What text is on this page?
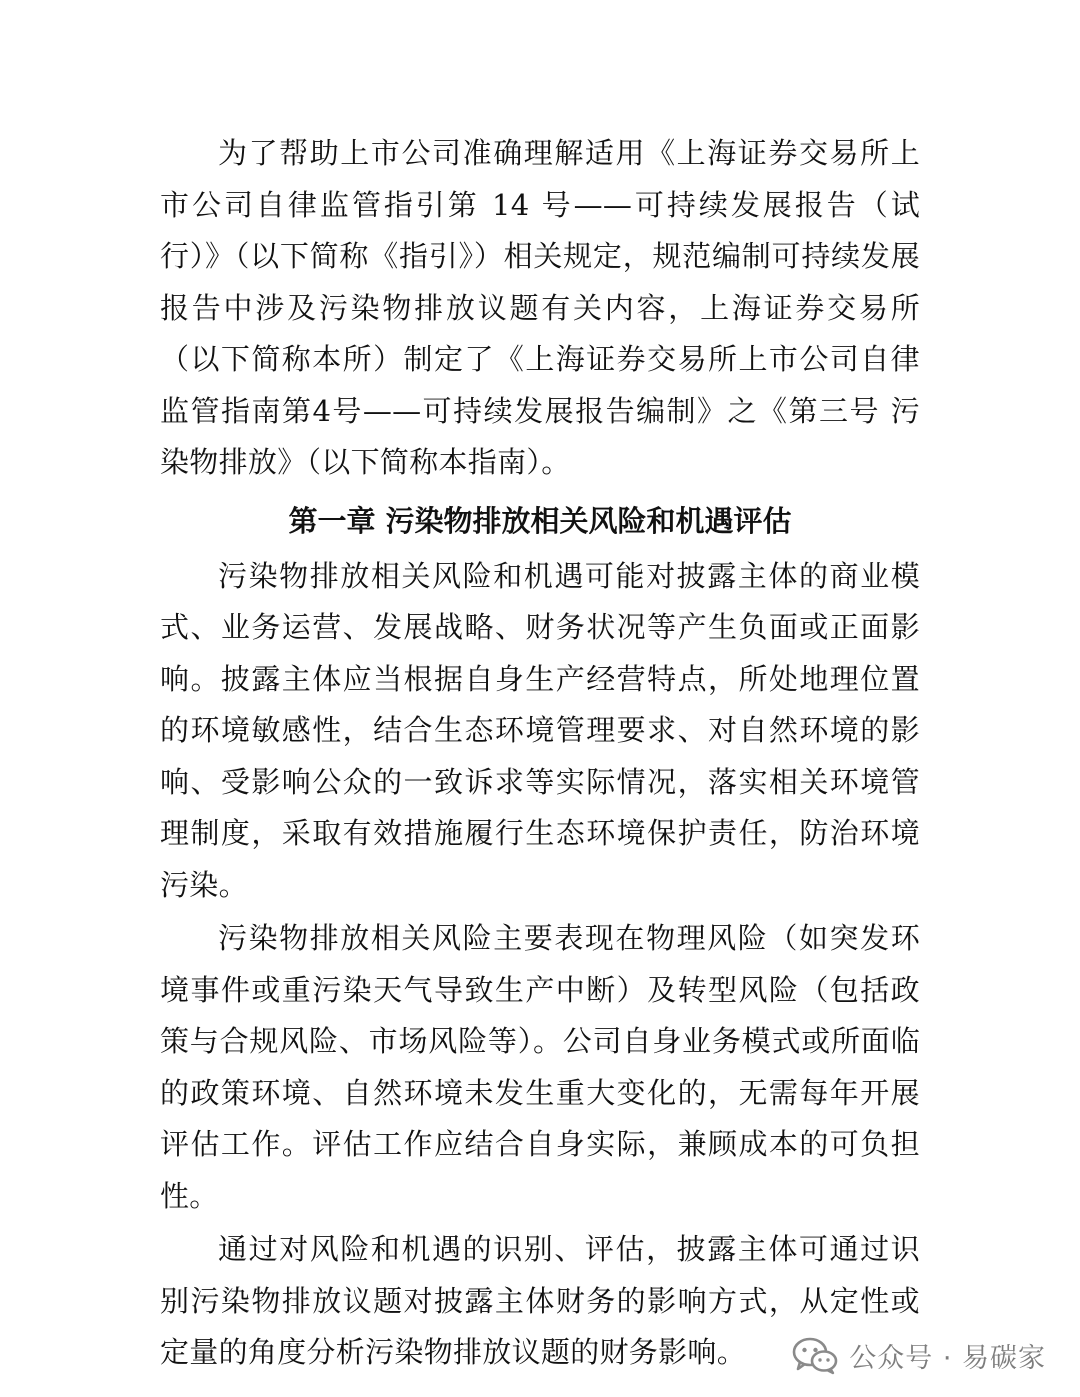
为了帮助上市公司准确理解适用《上海证券交易所上市公司自律监管指引第 14 号——可持续发展报告（试行）》（以下简称《指引》）相关规定，规范编制可持续发展报告中涉及污染物排放议题有关内容，上海证券交易所（以下简称本所）制定了《上海证券交易所上市公司自律监管指南第4号——可持续发展报告编制》之《第三号 污染物排放》（以下简称本指南）。

第一章 污染物排放相关风险和机遇评估

污染物排放相关风险和机遇可能对披露主体的商业模式、业务运营、发展战略、财务状况等产生负面或正面影响。披露主体应当根据自身生产经营特点，所处地理位置的环境敏感性，结合生态环境管理要求、对自然环境的影响、受影响公众的一致诉求等实际情况，落实相关环境管理制度，采取有效措施履行生态环境保护责任，防治环境污染。

污染物排放相关风险主要表现在物理风险（如突发环境事件或重污染天气导致生产中断）及转型风险（包括政策与合规风险、市场风险等）。公司自身业务模式或所面临的政策环境、自然环境未发生重大变化的，无需每年开展评估工作。评估工作应结合自身实际，兼顾成本的可负担性。

通过对风险和机遇的识别、评估，披露主体可通过识别污染物排放议题对披露主体财务的影响方式，从定性或定量的角度分析污染物排放议题的财务影响。	公众号 · 易碳家
